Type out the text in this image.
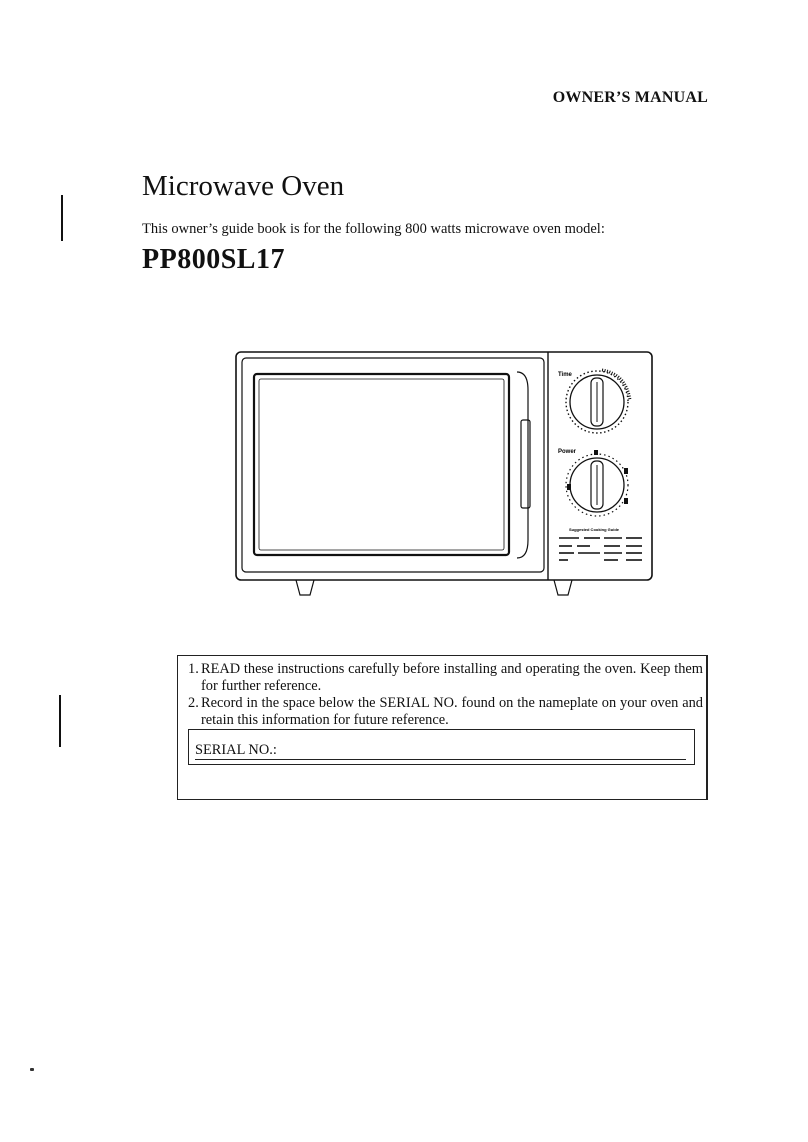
OWNER’S MANUAL
Microwave Oven
This owner’s guide book is for the following 800 watts microwave oven model:
PP800SL17
Time
Power
Suggested Cooking Guide
1. READ these instructions carefully before installing and operating the oven. Keep them for further reference.
2. Record in the space below the SERIAL NO. found on the nameplate on your oven and retain this information for future reference.
SERIAL NO.:
